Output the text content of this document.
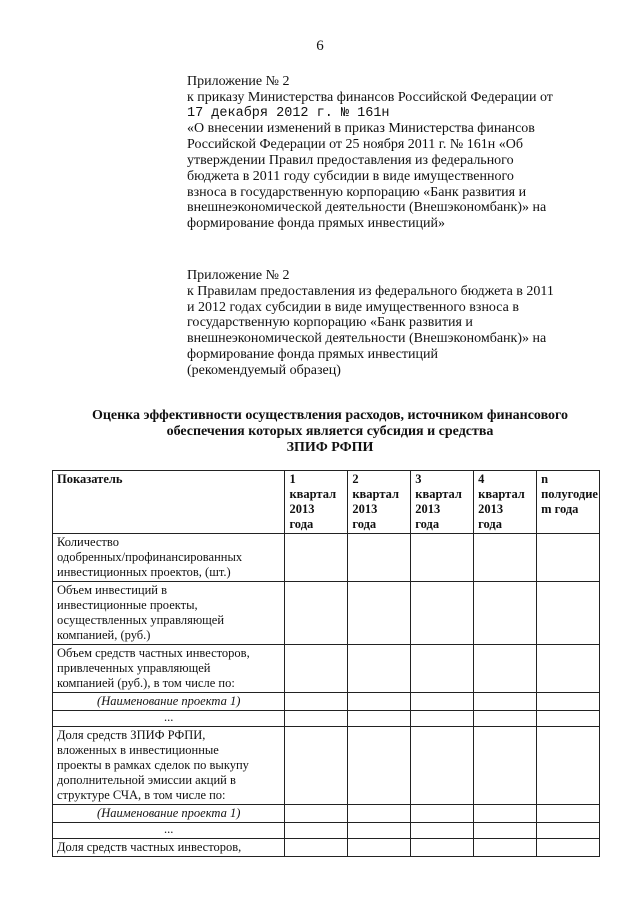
6
Приложение № 2
к приказу Министерства финансов Российской Федерации от
17 декабря 2012 г. № 161н
«О внесении изменений в приказ Министерства финансов
Российской Федерации от 25 ноября 2011 г. № 161н «Об
утверждении Правил предоставления из федерального
бюджета в 2011 году субсидии в виде имущественного
взноса в государственную корпорацию «Банк развития и
внешнеэкономической деятельности (Внешэкономбанк)» на
формирование фонда прямых инвестиций»
Приложение № 2
к Правилам предоставления из федерального бюджета в 2011
и 2012 годах субсидии в виде имущественного взноса в
государственную корпорацию «Банк развития и
внешнеэкономической деятельности (Внешэкономбанк)» на
формирование фонда прямых инвестиций
(рекомендуемый образец)
Оценка эффективности осуществления расходов, источником финансового
обеспечения которых является субсидия и средства
ЗПИФ РФПИ
Показатель	1
квартал
2013
года	2
квартал
2013
года	3
квартал
2013
года	4
квартал
2013
года	n
полугодие
m года

Количество
одобренных/профинансированных
инвестиционных проектов, (шт.)					

Объем инвестиций в
инвестиционные проекты,
осуществленных управляющей
компанией, (руб.)					

Объем средств частных инвесторов,
привлеченных управляющей
компанией (руб.), в том числе по:					

(Наименование проекта 1)					
...					

Доля средств ЗПИФ РФПИ,
вложенных в инвестиционные
проекты в рамках сделок по выкупу
дополнительной эмиссии акций в
структуре СЧА, в том числе по:					

(Наименование проекта 1)					
...					

Доля средств частных инвесторов,					
